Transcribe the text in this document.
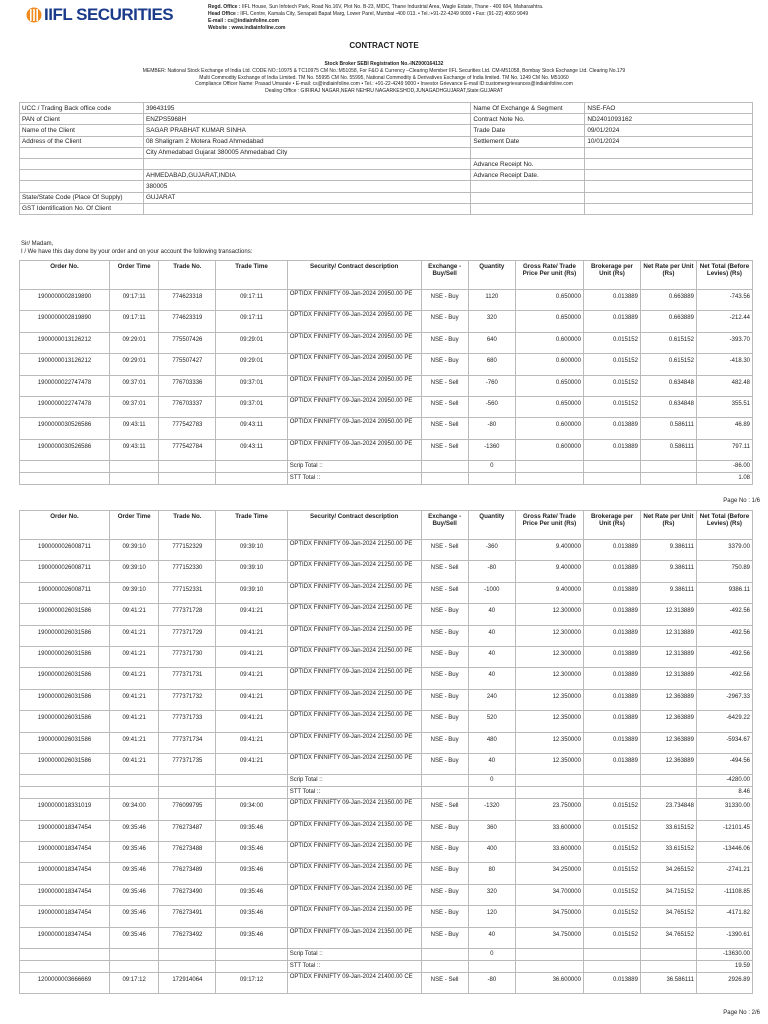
IIFL SECURITIES	Regd. Office : IIFL House, Sun Infotech Park, Road No.16V, Plot No. B-23, MIDC, Thane Industrial Area, Wagle Estate, Thane - 400 604, Maharashtra.
Head Office : IIFL Centre, Kamala City, Senapati Bapat Marg, Lower Parel, Mumbai -400 013. • Tel.:+91-22-4249 9000 • Fax: (91-22) 4060 9049
E-mail : cs@indiainfoline.com
Website : www.indiainfoline.com
CONTRACT NOTE
Stock Broker SEBI Registration No.-INZ000164132
MEMBER: National Stock Exchange of India Ltd. CODE NO.:10975 & TC10975 CM No.:M51058, For F&O & Currency –Clearing Member IIFL Securities Ltd. CM-M51058, Bombay Stock Exchange Ltd. Clearing No.179
Multi Commodity Exchange of India Limited. TM No. 55995 CM No. 55995, National Commodity & Derivatives Exchange of India limited. TM No. 1249 CM No. M51060
Compliance Officer Name: Prasad Umarale • E-mail: cs@indiainfoline.com • Tel.: +91-22-4249 9000 • Investor Grievance E-mail ID:customergrievances@indiainfoline.com
Dealing Office : GIRIRAJ NAGAR,NEAR NEHRU NAGARKESHOD,JUNAGADHGUJARAT,State:GUJARAT
UCC / Trading Back office code	39643195	Name Of Exchange & Segment	NSE-FAO
PAN of Client	ENZPS5968H	Contract Note No.	ND2401093162
Name of the Client	SAGAR PRABHAT KUMAR SINHA	Trade Date	09/01/2024
Address of the Client	08 Shaligram 2 Motera Road Ahmedabad	Settlement Date	10/01/2024
	City Ahmedabad Gujarat 380005 Ahmedabad City		
		Advance Receipt No.	
	AHMEDABAD,GUJARAT,INDIA	Advance Receipt Date.	
	380005		
State/State Code (Place Of Supply)	GUJARAT		
GST Identification No. Of Client			
Sir/ Madam,
I / We have this day done by your order and on your account the following transactions:
Order No.	Order Time	Trade No.	Trade Time	Security/ Contract description	Exchange - Buy/Sell	Quantity	Gross Rate/ Trade Price Per unit (Rs)	Brokerage per Unit (Rs)	Net Rate per Unit (Rs)	Net Total (Before Levies) (Rs)
1900000002819890	09:17:11	774623318	09:17:11	OPTIDX FINNIFTY 09-Jan-2024 20950.00 PE	NSE - Buy	1120	0.650000	0.013889	0.663889	-743.56
1900000002819890	09:17:11	774623319	09:17:11	OPTIDX FINNIFTY 09-Jan-2024 20950.00 PE	NSE - Buy	320	0.650000	0.013889	0.663889	-212.44
1900000013126212	09:29:01	775507426	09:29:01	OPTIDX FINNIFTY 09-Jan-2024 20950.00 PE	NSE - Buy	640	0.600000	0.015152	0.615152	-393.70
1900000013126212	09:29:01	775507427	09:29:01	OPTIDX FINNIFTY 09-Jan-2024 20950.00 PE	NSE - Buy	680	0.600000	0.015152	0.615152	-418.30
1900000022747478	09:37:01	776703336	09:37:01	OPTIDX FINNIFTY 09-Jan-2024 20950.00 PE	NSE - Sell	-760	0.650000	0.015152	0.634848	482.48
1900000022747478	09:37:01	776703337	09:37:01	OPTIDX FINNIFTY 09-Jan-2024 20950.00 PE	NSE - Sell	-560	0.650000	0.015152	0.634848	355.51
1900000030526586	09:43:11	777542783	09:43:11	OPTIDX FINNIFTY 09-Jan-2024 20950.00 PE	NSE - Sell	-80	0.600000	0.013889	0.586111	46.89
1900000030526586	09:43:11	777542784	09:43:11	OPTIDX FINNIFTY 09-Jan-2024 20950.00 PE	NSE - Sell	-1360	0.600000	0.013889	0.586111	797.11
				Scrip Total ::		0				-86.00
				STT Total ::						1.08
Page No : 1/6
Order No.	Order Time	Trade No.	Trade Time	Security/ Contract description	Exchange - Buy/Sell	Quantity	Gross Rate/ Trade Price Per unit (Rs)	Brokerage per Unit (Rs)	Net Rate per Unit (Rs)	Net Total (Before Levies) (Rs)
1900000026008711	09:39:10	777152329	09:39:10	OPTIDX FINNIFTY 09-Jan-2024 21250.00 PE	NSE - Sell	-360	9.400000	0.013889	9.386111	3379.00
1900000026008711	09:39:10	777152330	09:39:10	OPTIDX FINNIFTY 09-Jan-2024 21250.00 PE	NSE - Sell	-80	9.400000	0.013889	9.386111	750.89
1900000026008711	09:39:10	777152331	09:39:10	OPTIDX FINNIFTY 09-Jan-2024 21250.00 PE	NSE - Sell	-1000	9.400000	0.013889	9.386111	9386.11
1900000026031586	09:41:21	777371728	09:41:21	OPTIDX FINNIFTY 09-Jan-2024 21250.00 PE	NSE - Buy	40	12.300000	0.013889	12.313889	-492.56
1900000026031586	09:41:21	777371729	09:41:21	OPTIDX FINNIFTY 09-Jan-2024 21250.00 PE	NSE - Buy	40	12.300000	0.013889	12.313889	-492.56
1900000026031586	09:41:21	777371730	09:41:21	OPTIDX FINNIFTY 09-Jan-2024 21250.00 PE	NSE - Buy	40	12.300000	0.013889	12.313889	-492.56
1900000026031586	09:41:21	777371731	09:41:21	OPTIDX FINNIFTY 09-Jan-2024 21250.00 PE	NSE - Buy	40	12.300000	0.013889	12.313889	-492.56
1900000026031586	09:41:21	777371732	09:41:21	OPTIDX FINNIFTY 09-Jan-2024 21250.00 PE	NSE - Buy	240	12.350000	0.013889	12.363889	-2967.33
1900000026031586	09:41:21	777371733	09:41:21	OPTIDX FINNIFTY 09-Jan-2024 21250.00 PE	NSE - Buy	520	12.350000	0.013889	12.363889	-6429.22
1900000026031586	09:41:21	777371734	09:41:21	OPTIDX FINNIFTY 09-Jan-2024 21250.00 PE	NSE - Buy	480	12.350000	0.013889	12.363889	-5934.67
1900000026031586	09:41:21	777371735	09:41:21	OPTIDX FINNIFTY 09-Jan-2024 21250.00 PE	NSE - Buy	40	12.350000	0.013889	12.363889	-494.56
				Scrip Total ::		0				-4280.00
				STT Total ::						8.46
1900000018331019	09:34:00	776099795	09:34:00	OPTIDX FINNIFTY 09-Jan-2024 21350.00 PE	NSE - Sell	-1320	23.750000	0.015152	23.734848	31330.00
1900000018347454	09:35:46	776273487	09:35:46	OPTIDX FINNIFTY 09-Jan-2024 21350.00 PE	NSE - Buy	360	33.600000	0.015152	33.615152	-12101.45
1900000018347454	09:35:46	776273488	09:35:46	OPTIDX FINNIFTY 09-Jan-2024 21350.00 PE	NSE - Buy	400	33.600000	0.015152	33.615152	-13446.06
1900000018347454	09:35:46	776273489	09:35:46	OPTIDX FINNIFTY 09-Jan-2024 21350.00 PE	NSE - Buy	80	34.250000	0.015152	34.265152	-2741.21
1900000018347454	09:35:46	776273490	09:35:46	OPTIDX FINNIFTY 09-Jan-2024 21350.00 PE	NSE - Buy	320	34.700000	0.015152	34.715152	-11108.85
1900000018347454	09:35:46	776273491	09:35:46	OPTIDX FINNIFTY 09-Jan-2024 21350.00 PE	NSE - Buy	120	34.750000	0.015152	34.765152	-4171.82
1900000018347454	09:35:46	776273492	09:35:46	OPTIDX FINNIFTY 09-Jan-2024 21350.00 PE	NSE - Buy	40	34.750000	0.015152	34.765152	-1390.61
				Scrip Total ::		0				-13630.00
				STT Total ::						19.59
1200000003666669	09:17:12	172914064	09:17:12	OPTIDX FINNIFTY 09-Jan-2024 21400.00 CE	NSE - Sell	-80	36.600000	0.013889	36.586111	2926.89
Page No : 2/6
